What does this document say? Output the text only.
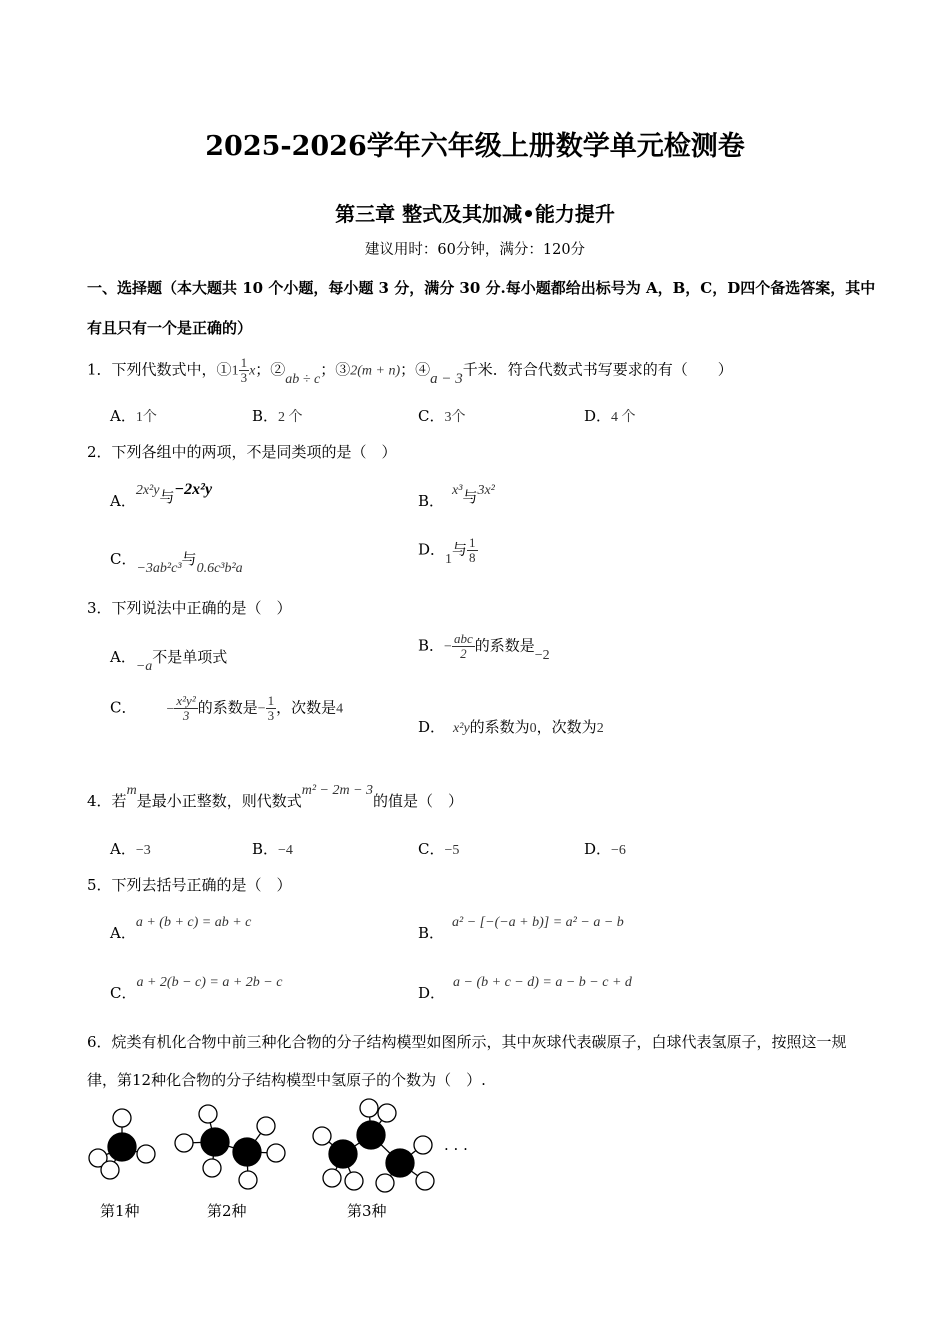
2025-2026学年六年级上册数学单元检测卷
第三章 整式及其加减•能力提升
建议用时：60分钟，满分：120分
一、选择题（本大题共 10 个小题，每小题 3 分，满分 30 分.每小题都给出标号为 A，B，C，D四个备选答案，其中有且只有一个是正确的）
1．下列代数式中，①1 $\frac{1}{3}$ x；②ab ÷ c；③2(m + n)；④a − 3千米．符合代数式书写要求的有（　　）
A．1个	B．2 个	C．3个	D．4 个
2．下列各组中的两项，不是同类项的是（　）
A．2x²y与−2x²y
B．x³与3x²
C．−3ab²c³与0.6c³b²a
D．1与 $\frac{1}{8}$
3．下列说法中正确的是（　）
A．−a不是单项式
B．− $\frac{\text{abc}}{2}$ 的系数是−2
C． − $\frac{\text{x²y²}}{3}$ 的系数是− $\frac{1}{3}$ ，次数是4
D． x²y的系数为0，次数为2
4．若m是最小正整数，则代数式m² − 2m − 3的值是（　）
A．−3	B．−4	C．−5	D．−6
5．下列去括号正确的是（　）
A．a + (b + c) = ab + c
B．a² − [−(−a + b)] = a² − a − b
C．a + 2(b − c) = a + 2b − c
D．a − (b + c − d) = a − b − c + d
6．烷类有机化合物中前三种化合物的分子结构模型如图所示，其中灰球代表碳原子，白球代表氢原子，按照这一规律，第12种化合物的分子结构模型中氢原子的个数为（　）.
· · ·
第1种	第2种	第3种
